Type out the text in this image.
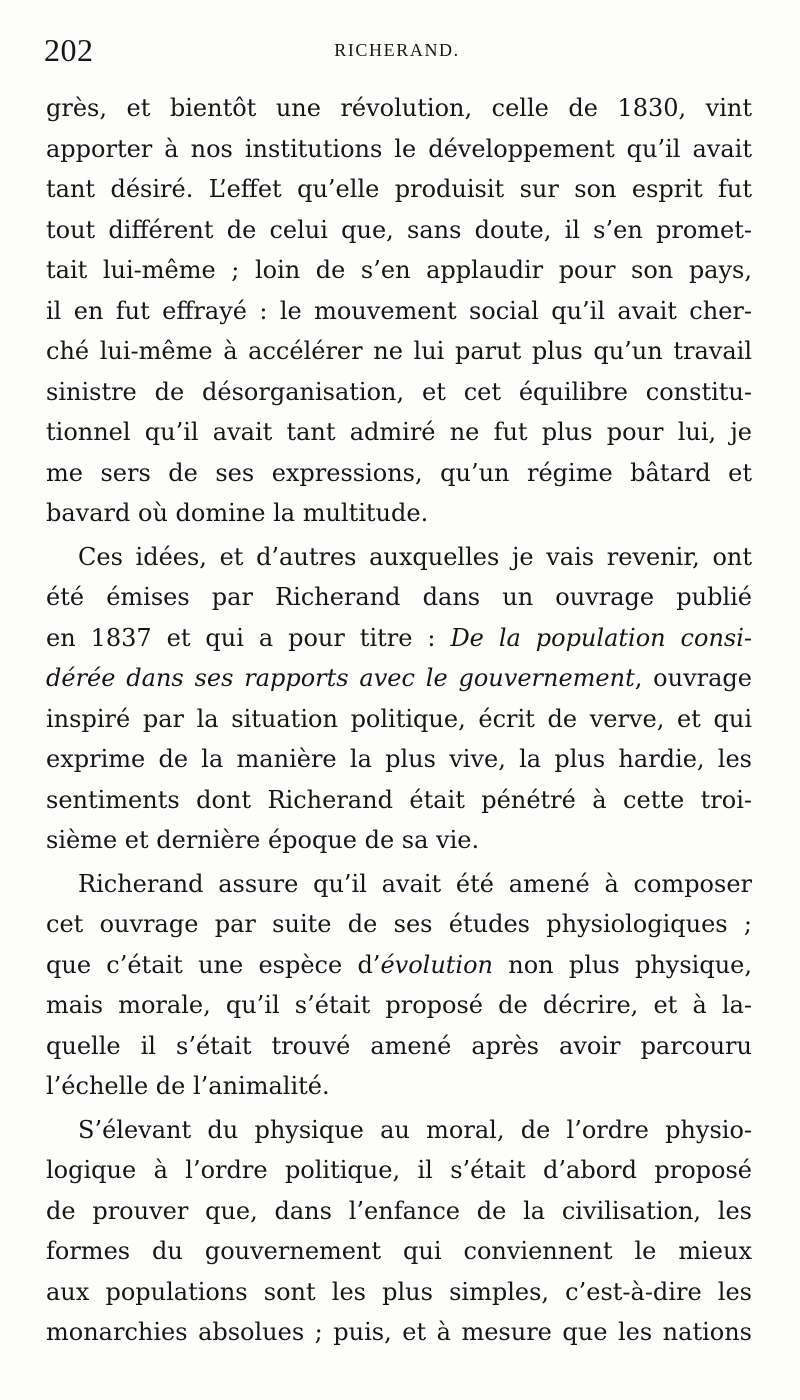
202	RICHERAND.
grès, et bientôt une révolution, celle de 1830, vint
apporter à nos institutions le développement qu’il avait
tant désiré. L’effet qu’elle produisit sur son esprit fut
tout différent de celui que, sans doute, il s’en promet-
tait lui-même ; loin de s’en applaudir pour son pays,
il en fut effrayé : le mouvement social qu’il avait cher-
ché lui-même à accélérer ne lui parut plus qu’un travail
sinistre de désorganisation, et cet équilibre constitu-
tionnel qu’il avait tant admiré ne fut plus pour lui, je
me sers de ses expressions, qu’un régime bâtard et
bavard où domine la multitude.
Ces idées, et d’autres auxquelles je vais revenir, ont
été émises par Richerand dans un ouvrage publié
en 1837 et qui a pour titre : De la population consi-
dérée dans ses rapports avec le gouvernement, ouvrage
inspiré par la situation politique, écrit de verve, et qui
exprime de la manière la plus vive, la plus hardie, les
sentiments dont Richerand était pénétré à cette troi-
sième et dernière époque de sa vie.
Richerand assure qu’il avait été amené à composer
cet ouvrage par suite de ses études physiologiques ;
que c’était une espèce d’évolution non plus physique,
mais morale, qu’il s’était proposé de décrire, et à la-
quelle il s’était trouvé amené après avoir parcouru
l’échelle de l’animalité.
S’élevant du physique au moral, de l’ordre physio-
logique à l’ordre politique, il s’était d’abord proposé
de prouver que, dans l’enfance de la civilisation, les
formes du gouvernement qui conviennent le mieux
aux populations sont les plus simples, c’est-à-dire les
monarchies absolues ; puis, et à mesure que les nations
